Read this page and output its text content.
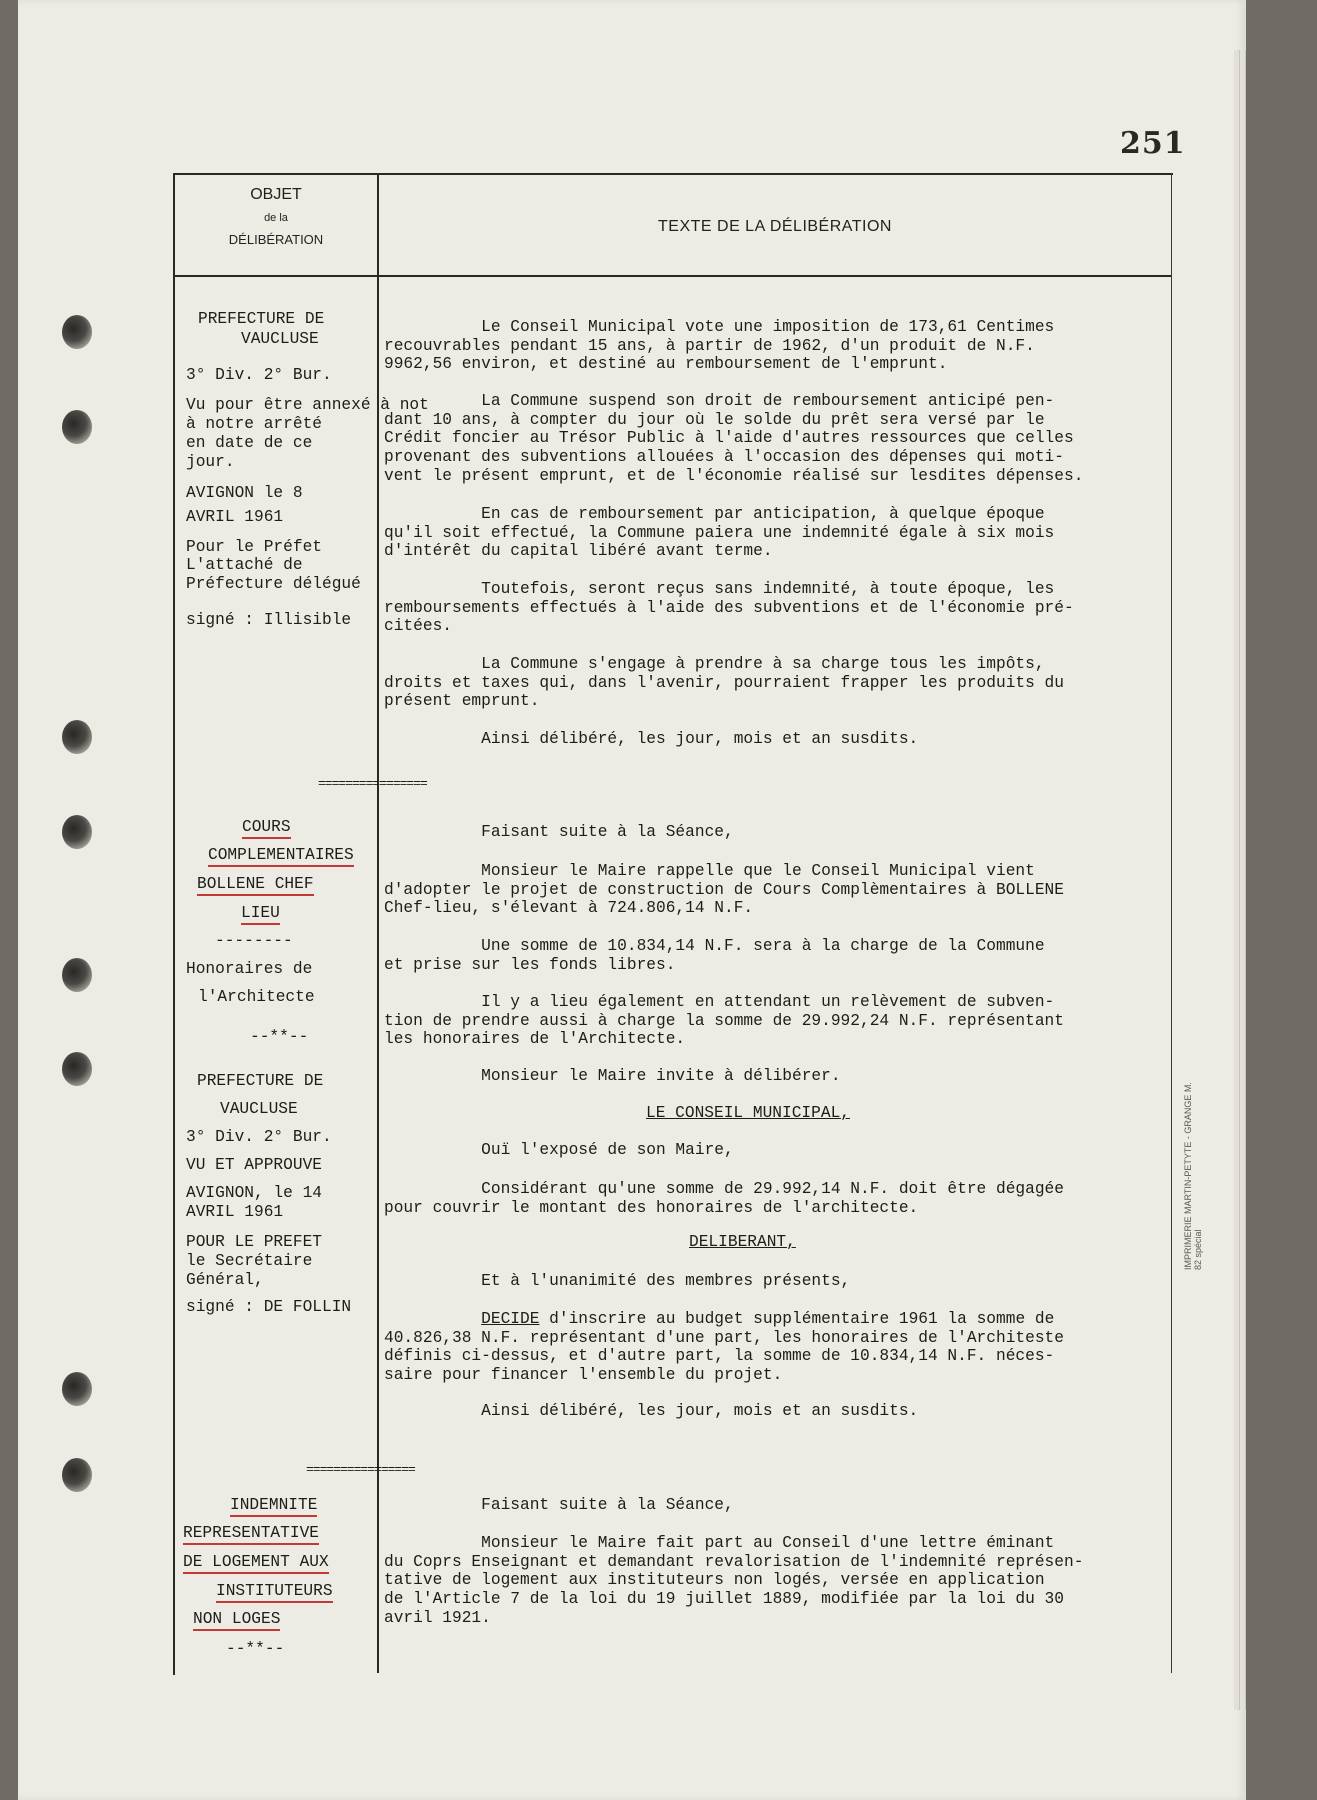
251
OBJET
de la
DÉLIBÉRATION
TEXTE DE LA DÉLIBÉRATION
PREFECTURE DE
VAUCLUSE
3° Div. 2° Bur.
Vu pour être annexé à not
à notre arrêté
en date de ce
jour.
AVIGNON le 8
AVRIL 1961
Pour le Préfet
L'attaché de
Préfecture délégué
signé : Illisible
================
COURS
COMPLEMENTAIRES
BOLLENE CHEF
LIEU
--------
Honoraires de
l'Architecte
--**--
PREFECTURE DE
VAUCLUSE
3° Div. 2° Bur.
VU ET APPROUVE
AVIGNON, le 14
AVRIL 1961
POUR LE PREFET
le Secrétaire
Général,
signé : DE FOLLIN
================
INDEMNITE
REPRESENTATIVE
DE LOGEMENT AUX
INSTITUTEURS
NON LOGES
--**--
Le Conseil Municipal vote une imposition de 173,61 Centimes
recouvrables pendant 15 ans, à partir de 1962, d'un produit de N.F.
9962,56 environ, et destiné au remboursement de l'emprunt.
La Commune suspend son droit de remboursement anticipé pen-
dant 10 ans, à compter du jour où le solde du prêt sera versé par le
Crédit foncier au Trésor Public à l'aide d'autres ressources que celles
provenant des subventions allouées à l'occasion des dépenses qui moti-
vent le présent emprunt, et de l'économie réalisé sur lesdites dépenses.
En cas de remboursement par anticipation, à quelque époque
qu'il soit effectué, la Commune paiera une indemnité égale à six mois
d'intérêt du capital libéré avant terme.
Toutefois, seront reçus sans indemnité, à toute époque, les
remboursements effectués à l'aide des subventions et de l'économie pré-
citées.
La Commune s'engage à prendre à sa charge tous les impôts,
droits et taxes qui, dans l'avenir, pourraient frapper les produits du
présent emprunt.
Ainsi délibéré, les jour, mois et an susdits.
Faisant suite à la Séance,
Monsieur le Maire rappelle que le Conseil Municipal vient
d'adopter le projet de construction de Cours Complèmentaires à BOLLENE
Chef-lieu, s'élevant à 724.806,14 N.F.
Une somme de 10.834,14 N.F. sera à la charge de la Commune
et prise sur les fonds libres.
Il y a lieu également en attendant un relèvement de subven-
tion de prendre aussi à charge la somme de 29.992,24 N.F. représentant
les honoraires de l'Architecte.
Monsieur le Maire invite à délibérer.
LE CONSEIL MUNICIPAL,
Ouï l'exposé de son Maire,
Considérant qu'une somme de 29.992,14 N.F. doit être dégagée
pour couvrir le montant des honoraires de l'architecte.
DELIBERANT,
Et à l'unanimité des membres présents,
DECIDE d'inscrire au budget supplémentaire 1961 la somme de
40.826,38 N.F. représentant d'une part, les honoraires de l'Architeste
définis ci-dessus, et d'autre part, la somme de 10.834,14 N.F. néces-
saire pour financer l'ensemble du projet.
Ainsi délibéré, les jour, mois et an susdits.
Faisant suite à la Séance,
Monsieur le Maire fait part au Conseil d'une lettre éminant
du Coprs Enseignant et demandant revalorisation de l'indemnité représen-
tative de logement aux instituteurs non logés, versée en application
de l'Article 7 de la loi du 19 juillet 1889, modifiée par la loi du 30
avril 1921.
IMPRIMERIE MARTIN-PETYTE - GRANGE M. 82 spécial
